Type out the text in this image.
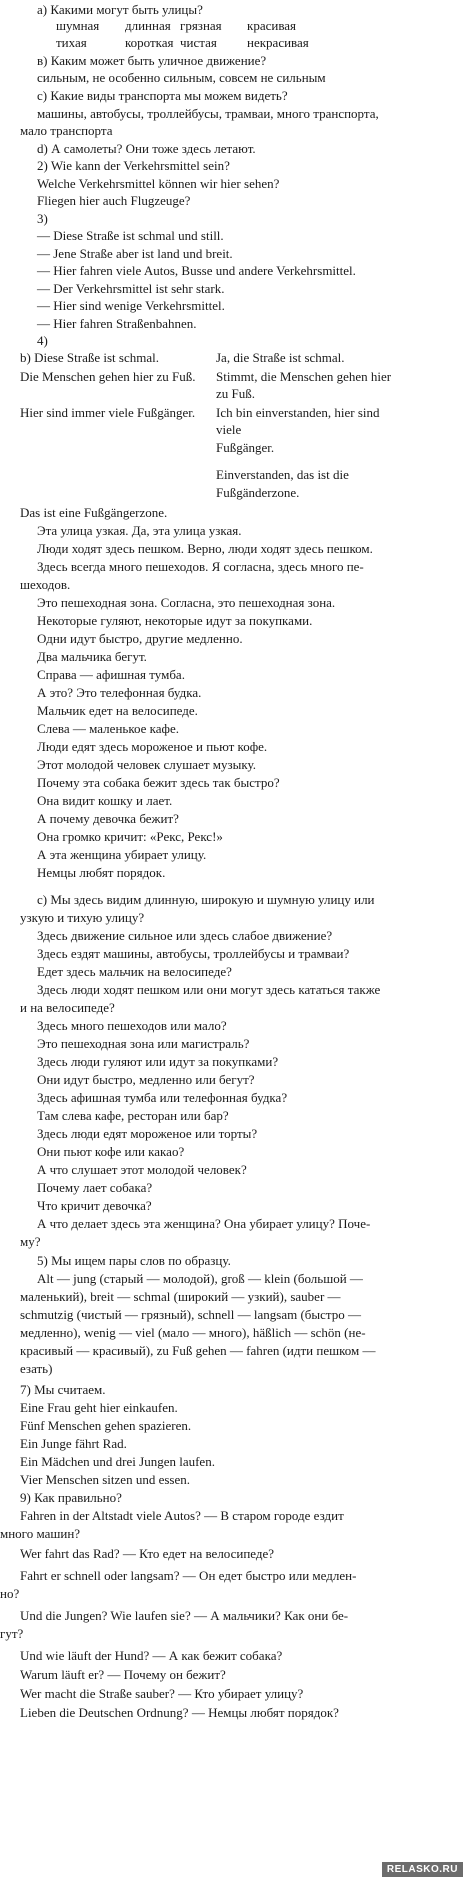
а) Какими могут быть улицы?
шумная длинная грязная красивая
тихая	короткая чистая некрасивая
в) Каким может быть уличное движение?
сильным, не особенно сильным, совсем не сильным
c) Какие виды транспорта мы можем видеть?
машины, автобусы, троллейбусы, трамваи, много транспорта,
мало транспорта
d) А самолеты? Они тоже здесь летают.
2) Wie kann der Verkehrsmittel sein?
Welche Verkehrsmittel können wir hier sehen?
Fliegen hier auch Flugzeuge?
3)
— Diese Straße ist schmal und still.
— Jene Straße aber ist land und breit.
— Hier fahren viele Autos, Busse und andere Verkehrsmittel.
— Der Verkehrsmittel ist sehr stark.
— Hier sind wenige Verkehrsmittel.
— Hier fahren Straßenbahnen.
4)
b) Diese Straße ist schmal.	Ja, die Straße ist schmal.
Die Menschen gehen hier zu Fuß. Stimmt, die Menschen gehen hier
zu Fuß.
Hier sind immer viele Fußgänger. Ich bin einverstanden, hier sind
viele
Fußgänger.
Einverstanden, das ist die
Fußgänderzone.
Das ist eine Fußgängerzone.
Эта улица узкая. Да, эта улица узкая.
Люди ходят здесь пешком. Верно, люди ходят здесь пешком.
Здесь всегда много пешеходов. Я согласна, здесь много пе-
шеходов.
Это пешеходная зона. Согласна, это пешеходная зона.
Некоторые гуляют, некоторые идут за покупками.
Одни идут быстро, другие медленно.
Два мальчика бегут.
Справа — афишная тумба.
А это? Это телефонная будка.
Мальчик едет на велосипеде.
Слева — маленькое кафе.
Люди едят здесь мороженое и пьют кофе.
Этот молодой человек слушает музыку.
Почему эта собака бежит здесь так быстро?
Она видит кошку и лает.
А почему девочка бежит?
Она громко кричит: «Рекс, Рекс!»
А эта женщина убирает улицу.
Немцы любят порядок.
с) Мы здесь видим длинную, широкую и шумную улицу или
узкую и тихую улицу?
Здесь движение сильное или здесь слабое движение?
Здесь ездят машины, автобусы, троллейбусы и трамваи?
Едет здесь мальчик на велосипеде?
Здесь люди ходят пешком или они могут здесь кататься также
и на велосипеде?
Здесь много пешеходов или мало?
Это пешеходная зона или магистраль?
Здесь люди гуляют или идут за покупками?
Они идут быстро, медленно или бегут?
Здесь афишная тумба или телефонная будка?
Там слева кафе, ресторан или бар?
Здесь люди едят мороженое или торты?
Они пьют кофе или какао?
А что слушает этот молодой человек?
Почему лает собака?
Что кричит девочка?
А что делает здесь эта женщина? Она убирает улицу? Поче-
му?
5) Мы ищем пары слов по образцу.
Alt — jung (старый — молодой), groß — klein (большой —
маленький), breit — schmal (широкий — узкий), sauber —
schmutzig (чистый — грязный), schnell — langsam (быстро —
медленно), wenig — viel (мало — много), häßlich — schön (не-
красивый — красивый), zu Fuß gehen — fahren (идти пешком —
езать)
7) Мы считаем.
Eine Frau geht hier einkaufen.
Fünf Menschen gehen spazieren.
Ein Junge fährt Rad.
Ein Mädchen und drei Jungen laufen.
Vier Menschen sitzen und essen.
9) Как правильно?
Fahren in der Altstadt viele Autos? — В старом городе ездит
много машин?
Wer fahrt das Rad? — Кто едет на велосипеде?
Fahrt er schnell oder langsam? — Он едет быстро или медлен-
но?
Und die Jungen? Wie laufen sie? — А мальчики? Как они бе-
гут?
Und wie läuft der Hund? — А как бежит собака?
Warum läuft er? — Почему он бежит?
Wer macht die Straße sauber? — Кто убирает улицу?
Lieben die Deutschen Ordnung? — Немцы любят порядок?
RELASKO.RU
